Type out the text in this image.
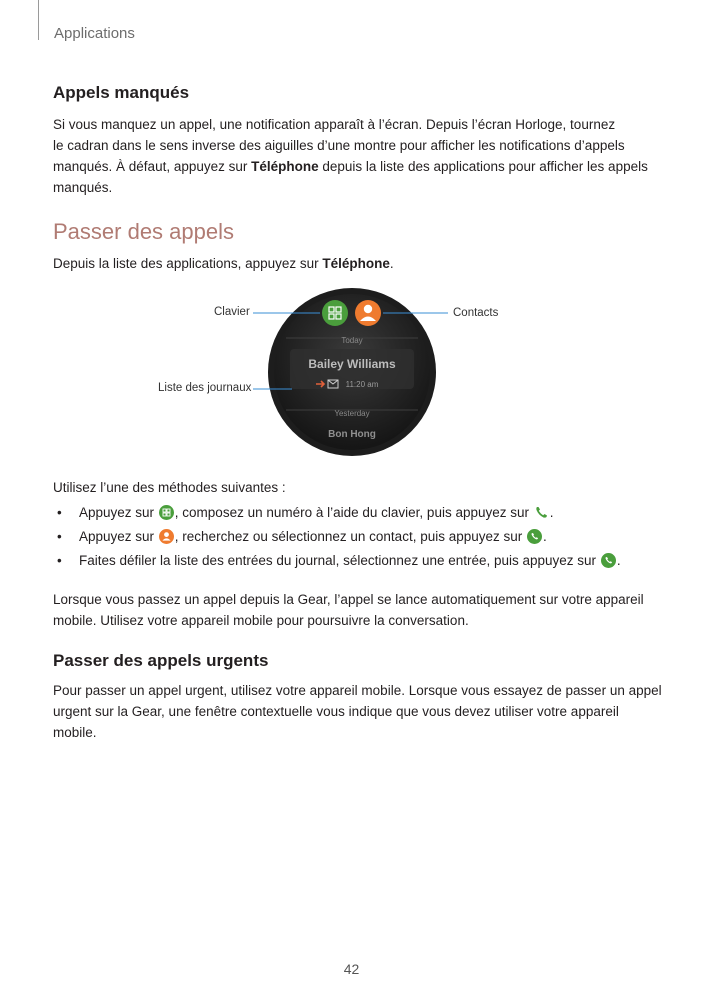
Applications
Appels manqués
Si vous manquez un appel, une notification apparaît à l’écran. Depuis l’écran Horloge, tournez
le cadran dans le sens inverse des aiguilles d’une montre pour afficher les notifications d’appels
manqués. À défaut, appuyez sur Téléphone depuis la liste des applications pour afficher les appels
manqués.
Passer des appels
Depuis la liste des applications, appuyez sur Téléphone.
Today
Bailey Williams
11:20 am
Yesterday
Bon Hong
Clavier	Contacts
Liste des journaux
Utilisez l’une des méthodes suivantes :
• Appuyez sur
, composez un numéro à l’aide du clavier, puis appuyez sur .
• Appuyez sur
, recherchez ou sélectionnez un contact, puis appuyez sur
.
• Faites défiler la liste des entrées du journal, sélectionnez une entrée, puis appuyez sur
.
Lorsque vous passez un appel depuis la Gear, l’appel se lance automatiquement sur votre appareil
mobile. Utilisez votre appareil mobile pour poursuivre la conversation.
Passer des appels urgents
Pour passer un appel urgent, utilisez votre appareil mobile. Lorsque vous essayez de passer un appel
urgent sur la Gear, une fenêtre contextuelle vous indique que vous devez utiliser votre appareil
mobile.
42
